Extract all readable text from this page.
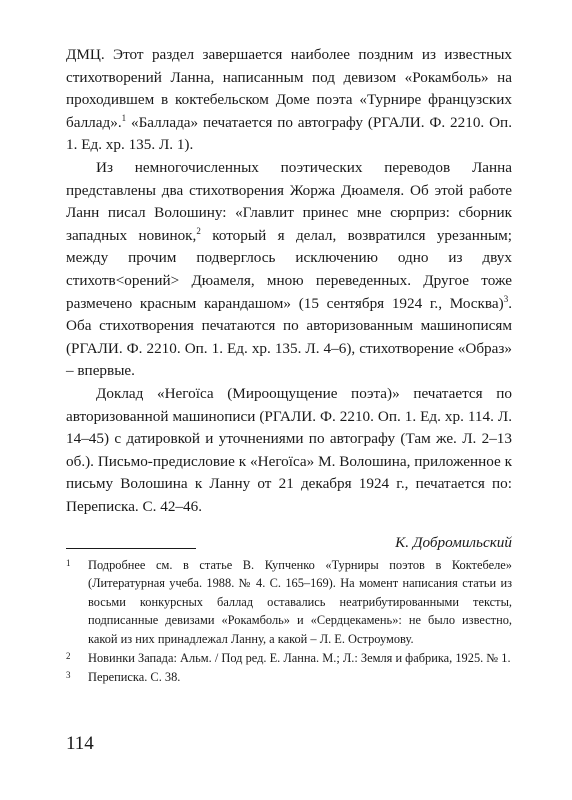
ДМЦ. Этот раздел завершается наиболее поздним из известных стихотворений Ланна, написанным под девизом «Рокамболь» на проходившем в коктебельском Доме поэта «Турнире французских баллад».$^1$ «Баллада» печатается по автографу (РГАЛИ. Ф. 2210. Оп. 1. Ед. хр. 135. Л. 1).

Из немногочисленных поэтических переводов Ланна представлены два стихотворения Жоржа Дюамеля. Об этой работе Ланн писал Волошину: «Главлит принес мне сюрприз: сборник западных новинок,$^2$ который я делал, возвратился урезанным; между прочим подверглось исключению одно из двух стихотв<орений> Дюамеля, мною переведенных. Другое тоже размечено красным карандашом» (15 сентября 1924 г., Москва)$^3$. Оба стихотворения печатаются по авторизованным машинописям (РГАЛИ. Ф. 2210. Оп. 1. Ед. хр. 135. Л. 4–6), стихотворение «Образ» – впервые.

Доклад «Негоïса (Мироощущение поэта)» печатается по авторизованной машинописи (РГАЛИ. Ф. 2210. Оп. 1. Ед. хр. 114. Л. 14–45) с датировкой и уточнениями по автографу (Там же. Л. 2–13 об.). Письмо-предисловие к «Негоïса» М. Волошина, приложенное к письму Волошина к Ланну от 21 декабря 1924 г., печатается по: Переписка. С. 42–46.

К. Добромильский
1 Подробнее см. в статье В. Купченко «Турниры поэтов в Коктебеле» (Литературная учеба. 1988. № 4. С. 165–169). На момент написания статьи из восьми конкурсных баллад оставались неатрибутированными тексты, подписанные девизами «Рокамболь» и «Сердцекамень»: не было известно, какой из них принадлежал Ланну, а какой – Л. Е. Остроумову.
2 Новинки Запада: Альм. / Под ред. Е. Ланна. М.; Л.: Земля и фабрика, 1925. № 1.
3 Переписка. С. 38.
114
